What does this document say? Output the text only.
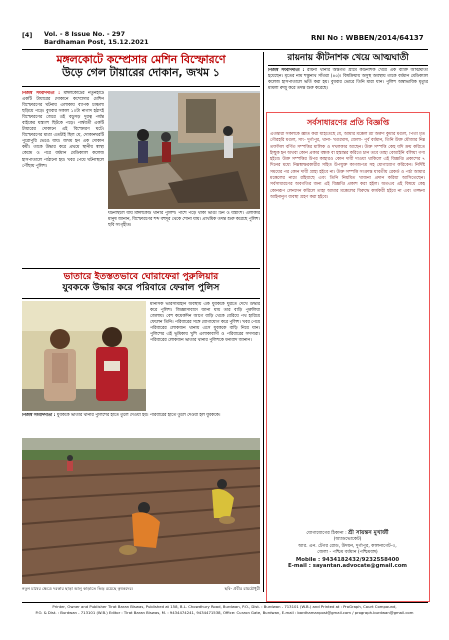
[4] Vol. - 8 Issue No. - 297
Bardhaman Post, 15.12.2021	RNI No : WBBEN/2014/64137
মঙ্গলকোটে কম্প্রেসার মেশিন বিস্ফোরণে
উড়ে গেল টায়ারের দোকান, জখম ১

নিজস্ব সংবাদদাতা : মঙ্গলকোটের নতুনহাটে একটি টায়ারের দোকানে কম্প্রেসার মেশিন বিস্ফোরণের ঘটনায় এলাকায় ব্যাপক চাঞ্চল্য ছড়িয়ে পড়ে। বুধবার সকাল ১০টা নাগাদ হঠাৎই বিস্ফোরণের জেরে ওই বড়ুসড় দুরত্ব পর্যন্ত বাইকের যন্ত্রাংশ ছিটকে পড়ে। পার্শ্ববর্তী একটি টায়ারের দোকানে এই বিস্ফোরণ ঘটে। বিস্ফোরণের মাত্রা এতটাই ছিল যে, দোকানঘরটি পুরোপুরি ভেঙে যায়। জখম হন এক দোকান কর্মী। তাকে উদ্ধার করে প্রথমে স্থানীয় স্বাস্থ্য কেন্দ্রে ও পরে বর্ধমান মেডিক্যাল কলেজ হাসপাতালে পাঠানো হয়। খবর পেয়ে ঘটনাস্থলে পৌঁছায় পুলিশ।

ঘটনাস্থলে যায় মঙ্গলকোট থানার পুলিশ। পাশে পড়ে থাকা ভাঙা টিন ও যন্ত্রাংশ। এলাকার মানুষ জানান, বিস্ফোরণের শব্দ বহুদূর থেকে শোনা যায়। প্রাথমিক তদন্ত শুরু করেছে পুলিশ। ছবি সংগৃহীত।
ভাতারে ইতস্ততভাবে ঘোরাফেরা পুরুলিয়ার
যুবককে উদ্ধার করে পরিবারে ফেরাল পুলিস
মানসিক ভারসাম্যহীন অবস্থায় এক যুবককে ঘুরতে দেখে উদ্ধার করে পুলিশ। জিজ্ঞাসাবাদে জানা যায় তার বাড়ি পুরুলিয়া জেলায়। বেশ কয়েকদিন আগে বাড়ি থেকে বেরিয়ে পথ হারিয়ে ফেলেন তিনি। পরিবারের সঙ্গে যোগাযোগ করে পুলিশ। খবর পেয়ে পরিবারের লোকজন থানায় এসে যুবককে বাড়ি নিয়ে যান। পুলিশের এই ভূমিকায় খুশি এলাকাবাসী ও পরিবারের সদস্যরা। পরিবারের লোকজন ভাতার থানার পুলিশকে ধন্যবাদ জানান।

নিজস্ব সংবাদদাতা : যুবককে ভাতার থানার পুলিশের হাতে তুলে দেওয়া হয়। পরিবারের হাতে তুলে দেওয়া হল যুবককে।

নতুন চাষের ক্ষেত্রে দরকার ছাড়া আলু কাড়াতে ভিড় রয়েছে কৃষকদের।	ছবি- প্রবীর রায়চৌধুরী
রায়নায় কীটনাশক খেয়ে আত্মঘাতী

নিজস্ব সংবাদদাতা : রায়না থানার অন্তর্গত গ্রামে কীটনাশক খেয়ে এক ব্যক্তি আত্মঘাতী হয়েছেন। মৃতের নাম শম্ভুনাথ সাঁতরা (৪৫)। বিষক্রিয়ায় অসুস্থ অবস্থায় তাকে বর্ধমান মেডিক্যাল কলেজ হাসপাতালে ভর্তি করা হয়। বুধবার ভোরে তিনি মারা যান। পুলিশ অস্বাভাবিক মৃত্যুর মামলা রুজু করে তদন্ত শুরু করেছে।

সর্বসাধারণের প্রতি বিজ্ঞপ্তি
এতদ্বারা সকলকে জ্ঞাত করা যাইতেছে যে, আমার মক্কেল শ্রী অরুণ কুমার মণ্ডল, পিতা মৃত গৌরহরি মণ্ডল, সাং- দুর্গাপুর, থানা- খণ্ডঘোষ, জেলা- পূর্ব বর্ধমান, তিনি উক্ত মৌজার নিম্ন তফসিল বর্ণিত সম্পত্তির মালিক ও দখলকার আছেন। উক্ত সম্পত্তি কেহ যদি ক্রয় করিতে ইচ্ছুক হন অথবা কোন প্রকার বন্ধক বা হস্তান্তর করিতে চান তবে তাহা বেআইনি বলিয়া গণ্য হইবে। উক্ত সম্পত্তির উপর কাহারও কোন দাবী দাওয়া থাকিলে এই বিজ্ঞপ্তি প্রকাশের ৭ দিনের মধ্যে নিম্নস্বাক্ষরকারীর সহিত উপযুক্ত কাগজপত্র সহ যোগাযোগ করিবেন। নির্দিষ্ট সময়ের পর কোন দাবী গ্রাহ্য হইবে না। উক্ত সম্পত্তি সংক্রান্ত যাবতীয় রেকর্ড ও পর্চা আমার মক্কেলের নামে রহিয়াছে এবং তিনি নিয়মিত খাজনা প্রদান করিয়া আসিতেছেন। সর্বসাধারণের অবগতির জন্য এই বিজ্ঞপ্তি প্রকাশ করা হইল। অতএব এই বিষয়ে কেহ কোনরূপ লেনদেন করিলে তাহা আমার মক্কেলের বিরুদ্ধে কার্যকরী হইবে না এবং তজ্জন্য আইনানুগ ব্যবস্থা গ্রহণ করা হইবে।
যোগাযোগের ঠিকানা : শ্রী সায়ন্তন মুখার্জী
(অ্যাডভোকেট)
আর. এন. টেগর রোড, উদয়ন, দুর্গাপুর, কালনাগেট-৩,
জেলা - পশ্চিম বর্ধমান (পশ্চিমবঙ্গ)
Mobile : 9434182432/9232558400
E-mail : sayantan.advocate@gmail.com
Printer, Owner and Publisher Tirat Baran Biswas, Published at 158, B.L. Chowdhury Road, Burdwan, P.O., Dist. : Burdwan - 713101 (W.B.) and Printed at : ProGraph, Court Compound,
P.O. & Dist. : Burdwan - 713101 (W.B.) Editor : Tirat Baran Biswas, M. : 9434474241, 9434471538, Office: Curzon Gate, Burdwan, E-mail : bardhamanpost@gmail.com / prograph.burdwan@gmail.com
